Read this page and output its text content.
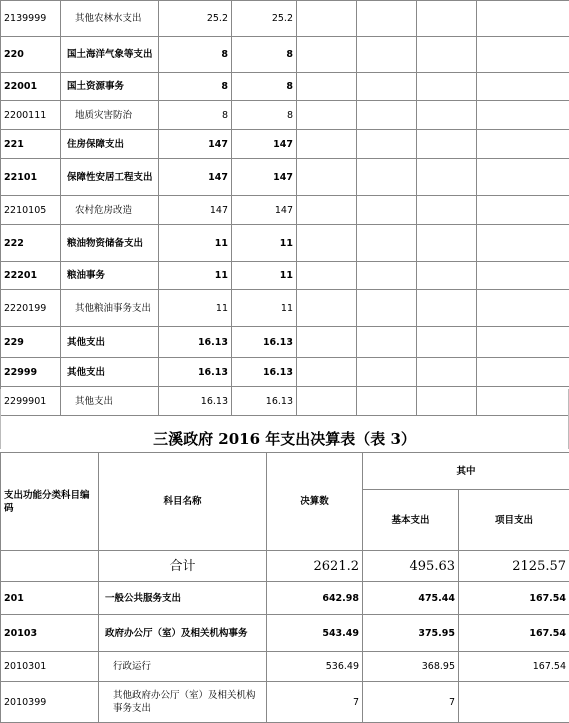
2139999	其他农林水支出	25.2	25.2				
220	国土海洋气象等支出	8	8				
22001	国土资源事务	8	8				
2200111	地质灾害防治	8	8				
221	住房保障支出	147	147				
22101	保障性安居工程支出	147	147				
2210105	农村危房改造	147	147				
222	粮油物资储备支出	11	11				
22201	粮油事务	11	11				
2220199	其他粮油事务支出	11	11				
229	其他支出	16.13	16.13				
22999	其他支出	16.13	16.13				
2299901	其他支出	16.13	16.13				
三溪政府 2016 年支出决算表（表 3）
支出功能分类科目编码	科目名称	决算数	其中	
			基本支出	项目支出
	合计	2621.2	495.63	2125.57
201	一般公共服务支出	642.98	475.44	167.54
20103	政府办公厅（室）及相关机构事务	543.49	375.95	167.54
2010301	行政运行	536.49	368.95	167.54
2010399	其他政府办公厅（室）及相关机构事务支出	7	7	
